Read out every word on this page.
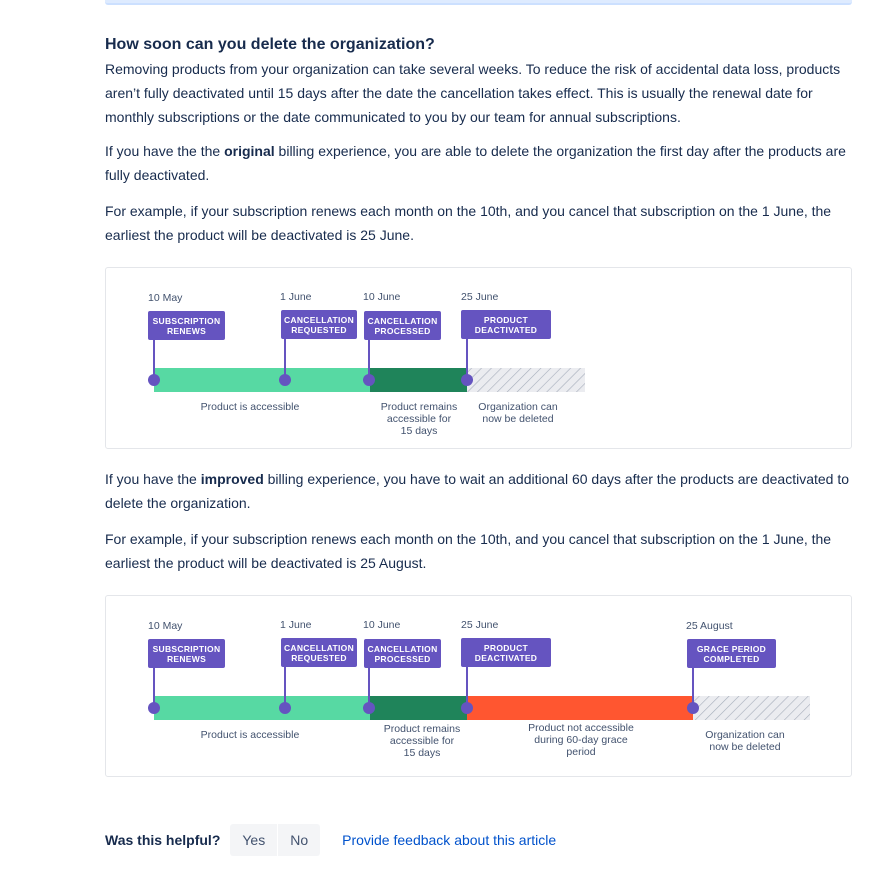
How soon can you delete the organization?

Removing products from your organization can take several weeks. To reduce the risk of accidental data loss, products aren’t fully deactivated until 15 days after the date the cancellation takes effect. This is usually the renewal date for monthly subscriptions or the date communicated to you by our team for annual subscriptions.

If you have the the original billing experience, you are able to delete the organization the first day after the products are fully deactivated.

For example, if your subscription renews each month on the 10th, and you cancel that subscription on the 1 June, the earliest the product will be deactivated is 25 June.

10 May	1 June	10 June	25 June
SUBSCRIPTION
RENEWS
CANCELLATION
REQUESTED
CANCELLATION
PROCESSED
PRODUCT
DEACTIVATED
Product is accessible	Product remains
accessible for
15 days
Organization can
now be deleted

If you have the improved billing experience, you have to wait an additional 60 days after the products are deactivated to delete the organization.

For example, if your subscription renews each month on the 10th, and you cancel that subscription on the 1 June, the earliest the product will be deactivated is 25 August.

10 May	1 June	10 June	25 June	25 August
SUBSCRIPTION
RENEWS
CANCELLATION
REQUESTED
CANCELLATION
PROCESSED
PRODUCT
DEACTIVATED
GRACE PERIOD
COMPLETED
Product is accessible	Product remains
accessible for
15 days
Product not accessible
during 60-day grace
period
Organization can
now be deleted
Was this helpful?	Yes	No	Provide feedback about this article
